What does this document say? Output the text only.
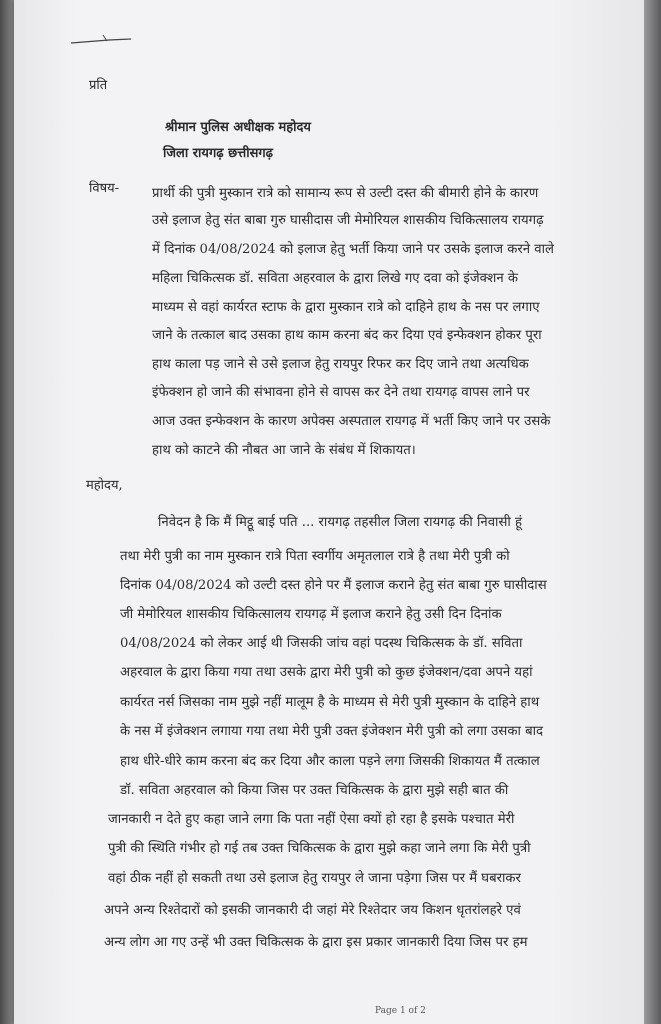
प्रति
श्रीमान पुलिस अधीक्षक महोदय
जिला रायगढ़ छत्तीसगढ़
विषय- प्रार्थी की पुत्री मुस्कान रात्रे को सामान्य रूप से उल्टी दस्त की बीमारी होने के कारण
उसे इलाज हेतु संत बाबा गुरु घासीदास जी मेमोरियल शासकीय चिकित्सालय रायगढ़
में दिनांक 04/08/2024 को इलाज हेतु भर्ती किया जाने पर उसके इलाज करने वाले
महिला चिकित्सक डॉ. सविता अहरवाल के द्वारा लिखे गए दवा को इंजेक्शन के
माध्यम से वहां कार्यरत स्टाफ के द्वारा मुस्कान रात्रे को दाहिने हाथ के नस पर लगाए
जाने के तत्काल बाद उसका हाथ काम करना बंद कर दिया एवं इन्फेक्शन होकर पूरा
हाथ काला पड़ जाने से उसे इलाज हेतु रायपुर रिफर कर दिए जाने तथा अत्यधिक
इंफेक्शन हो जाने की संभावना होने से वापस कर देने तथा रायगढ़ वापस लाने पर
आज उक्त इन्फेक्शन के कारण अपेक्स अस्पताल रायगढ़ में भर्ती किए जाने पर उसके
हाथ को काटने की नौबत आ जाने के संबंध में शिकायत।
महोदय,
निवेदन है कि मैं मिट्ठू बाई पति ... रायगढ़ तहसील जिला रायगढ़ की निवासी हूं
तथा मेरी पुत्री का नाम मुस्कान रात्रे पिता स्वर्गीय अमृतलाल रात्रे है तथा मेरी पुत्री को
दिनांक 04/08/2024 को उल्टी दस्त होने पर मैं इलाज कराने हेतु संत बाबा गुरु घासीदास
जी मेमोरियल शासकीय चिकित्सालय रायगढ़ में इलाज कराने हेतु उसी दिन दिनांक
04/08/2024 को लेकर आई थी जिसकी जांच वहां पदस्थ चिकित्सक के डॉ. सविता
अहरवाल के द्वारा किया गया तथा उसके द्वारा मेरी पुत्री को कुछ इंजेक्शन/दवा अपने यहां
कार्यरत नर्स जिसका नाम मुझे नहीं मालूम है के माध्यम से मेरी पुत्री मुस्कान के दाहिने हाथ
के नस में इंजेक्शन लगाया गया तथा मेरी पुत्री उक्त इंजेक्शन मेरी पुत्री को लगा उसका बाद
हाथ धीरे-धीरे काम करना बंद कर दिया और काला पड़ने लगा जिसकी शिकायत मैं तत्काल
डॉ. सविता अहरवाल को किया जिस पर उक्त चिकित्सक के द्वारा मुझे सही बात की
जानकारी न देते हुए कहा जाने लगा कि पता नहीं ऐसा क्यों हो रहा है इसके पश्चात मेरी
पुत्री की स्थिति गंभीर हो गई तब उक्त चिकित्सक के द्वारा मुझे कहा जाने लगा कि मेरी पुत्री
वहां ठीक नहीं हो सकती तथा उसे इलाज हेतु रायपुर ले जाना पड़ेगा जिस पर मैं घबराकर
अपने अन्य रिश्तेदारों को इसकी जानकारी दी जहां मेरे रिश्तेदार जय किशन धृतरांलहरे एवं
अन्य लोग आ गए उन्हें भी उक्त चिकित्सक के द्वारा इस प्रकार जानकारी दिया जिस पर हम
Page 1 of 2
